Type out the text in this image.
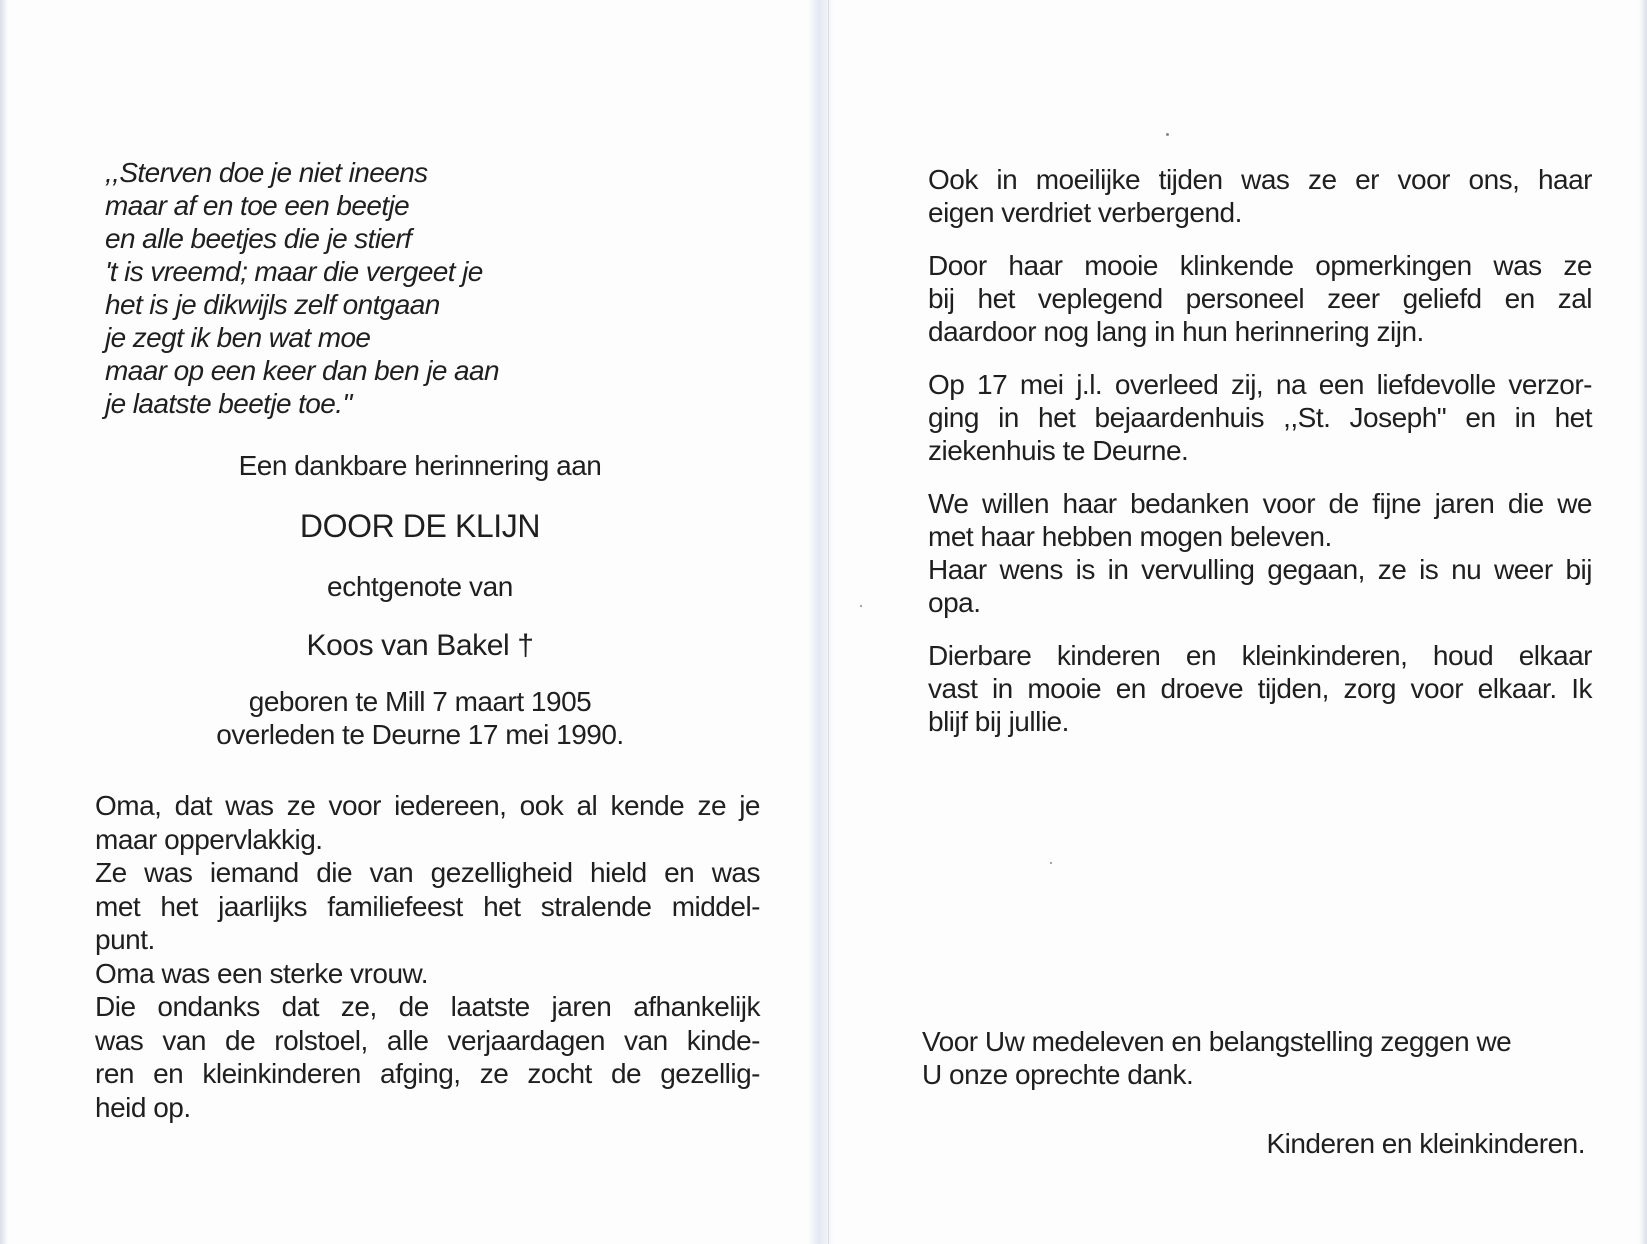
,,Sterven doe je niet ineens
maar af en toe een beetje
en alle beetjes die je stierf
't is vreemd; maar die vergeet je
het is je dikwijls zelf ontgaan
je zegt ik ben wat moe
maar op een keer dan ben je aan
je laatste beetje toe."
Een dankbare herinnering aan
DOOR DE KLIJN
echtgenote van
Koos van Bakel †
geboren te Mill 7 maart 1905
overleden te Deurne 17 mei 1990.
Oma, dat was ze voor iedereen, ook al kende ze je
maar oppervlakkig.
Ze was iemand die van gezelligheid hield en was
met het jaarlijks familiefeest het stralende middel-
punt.
Oma was een sterke vrouw.
Die ondanks dat ze, de laatste jaren afhankelijk
was van de rolstoel, alle verjaardagen van kinde-
ren en kleinkinderen afging, ze zocht de gezellig-
heid op.
Ook in moeilijke tijden was ze er voor ons, haar
eigen verdriet verbergend.
Door haar mooie klinkende opmerkingen was ze
bij het veplegend personeel zeer geliefd en zal
daardoor nog lang in hun herinnering zijn.
Op 17 mei j.l. overleed zij, na een liefdevolle verzor-
ging in het bejaardenhuis ,,St. Joseph" en in het
ziekenhuis te Deurne.
We willen haar bedanken voor de fijne jaren die we
met haar hebben mogen beleven.
Haar wens is in vervulling gegaan, ze is nu weer bij
opa.
Dierbare kinderen en kleinkinderen, houd elkaar
vast in mooie en droeve tijden, zorg voor elkaar. Ik
blijf bij jullie.
Voor Uw medeleven en belangstelling zeggen we
U onze oprechte dank.
Kinderen en kleinkinderen.
